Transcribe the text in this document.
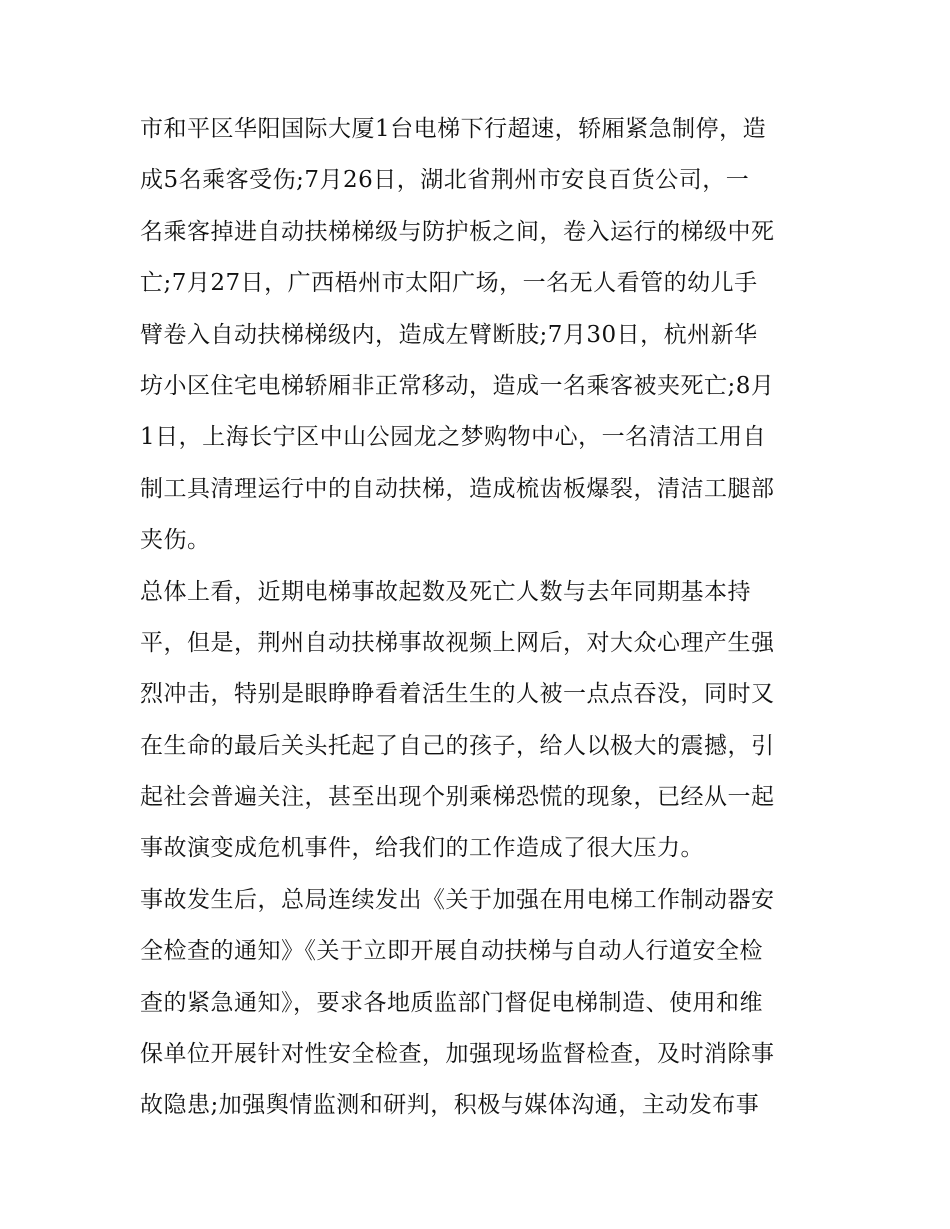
市和平区华阳国际大厦1台电梯下行超速，轿厢紧急制停，造
成5名乘客受伤;7月26日，湖北省荆州市安良百货公司，一
名乘客掉进自动扶梯梯级与防护板之间，卷入运行的梯级中死
亡;7月27日，广西梧州市太阳广场，一名无人看管的幼儿手
臂卷入自动扶梯梯级内，造成左臂断肢;7月30日，杭州新华
坊小区住宅电梯轿厢非正常移动，造成一名乘客被夹死亡;8月
1日，上海长宁区中山公园龙之梦购物中心，一名清洁工用自
制工具清理运行中的自动扶梯，造成梳齿板爆裂，清洁工腿部
夹伤。
总体上看，近期电梯事故起数及死亡人数与去年同期基本持
平，但是，荆州自动扶梯事故视频上网后，对大众心理产生强
烈冲击，特别是眼睁睁看着活生生的人被一点点吞没，同时又
在生命的最后关头托起了自己的孩子，给人以极大的震撼，引
起社会普遍关注，甚至出现个别乘梯恐慌的现象，已经从一起
事故演变成危机事件，给我们的工作造成了很大压力。
事故发生后，总局连续发出《关于加强在用电梯工作制动器安
全检查的通知》《关于立即开展自动扶梯与自动人行道安全检
查的紧急通知》，要求各地质监部门督促电梯制造、使用和维
保单位开展针对性安全检查，加强现场监督检查，及时消除事
故隐患;加强舆情监测和研判，积极与媒体沟通，主动发布事
